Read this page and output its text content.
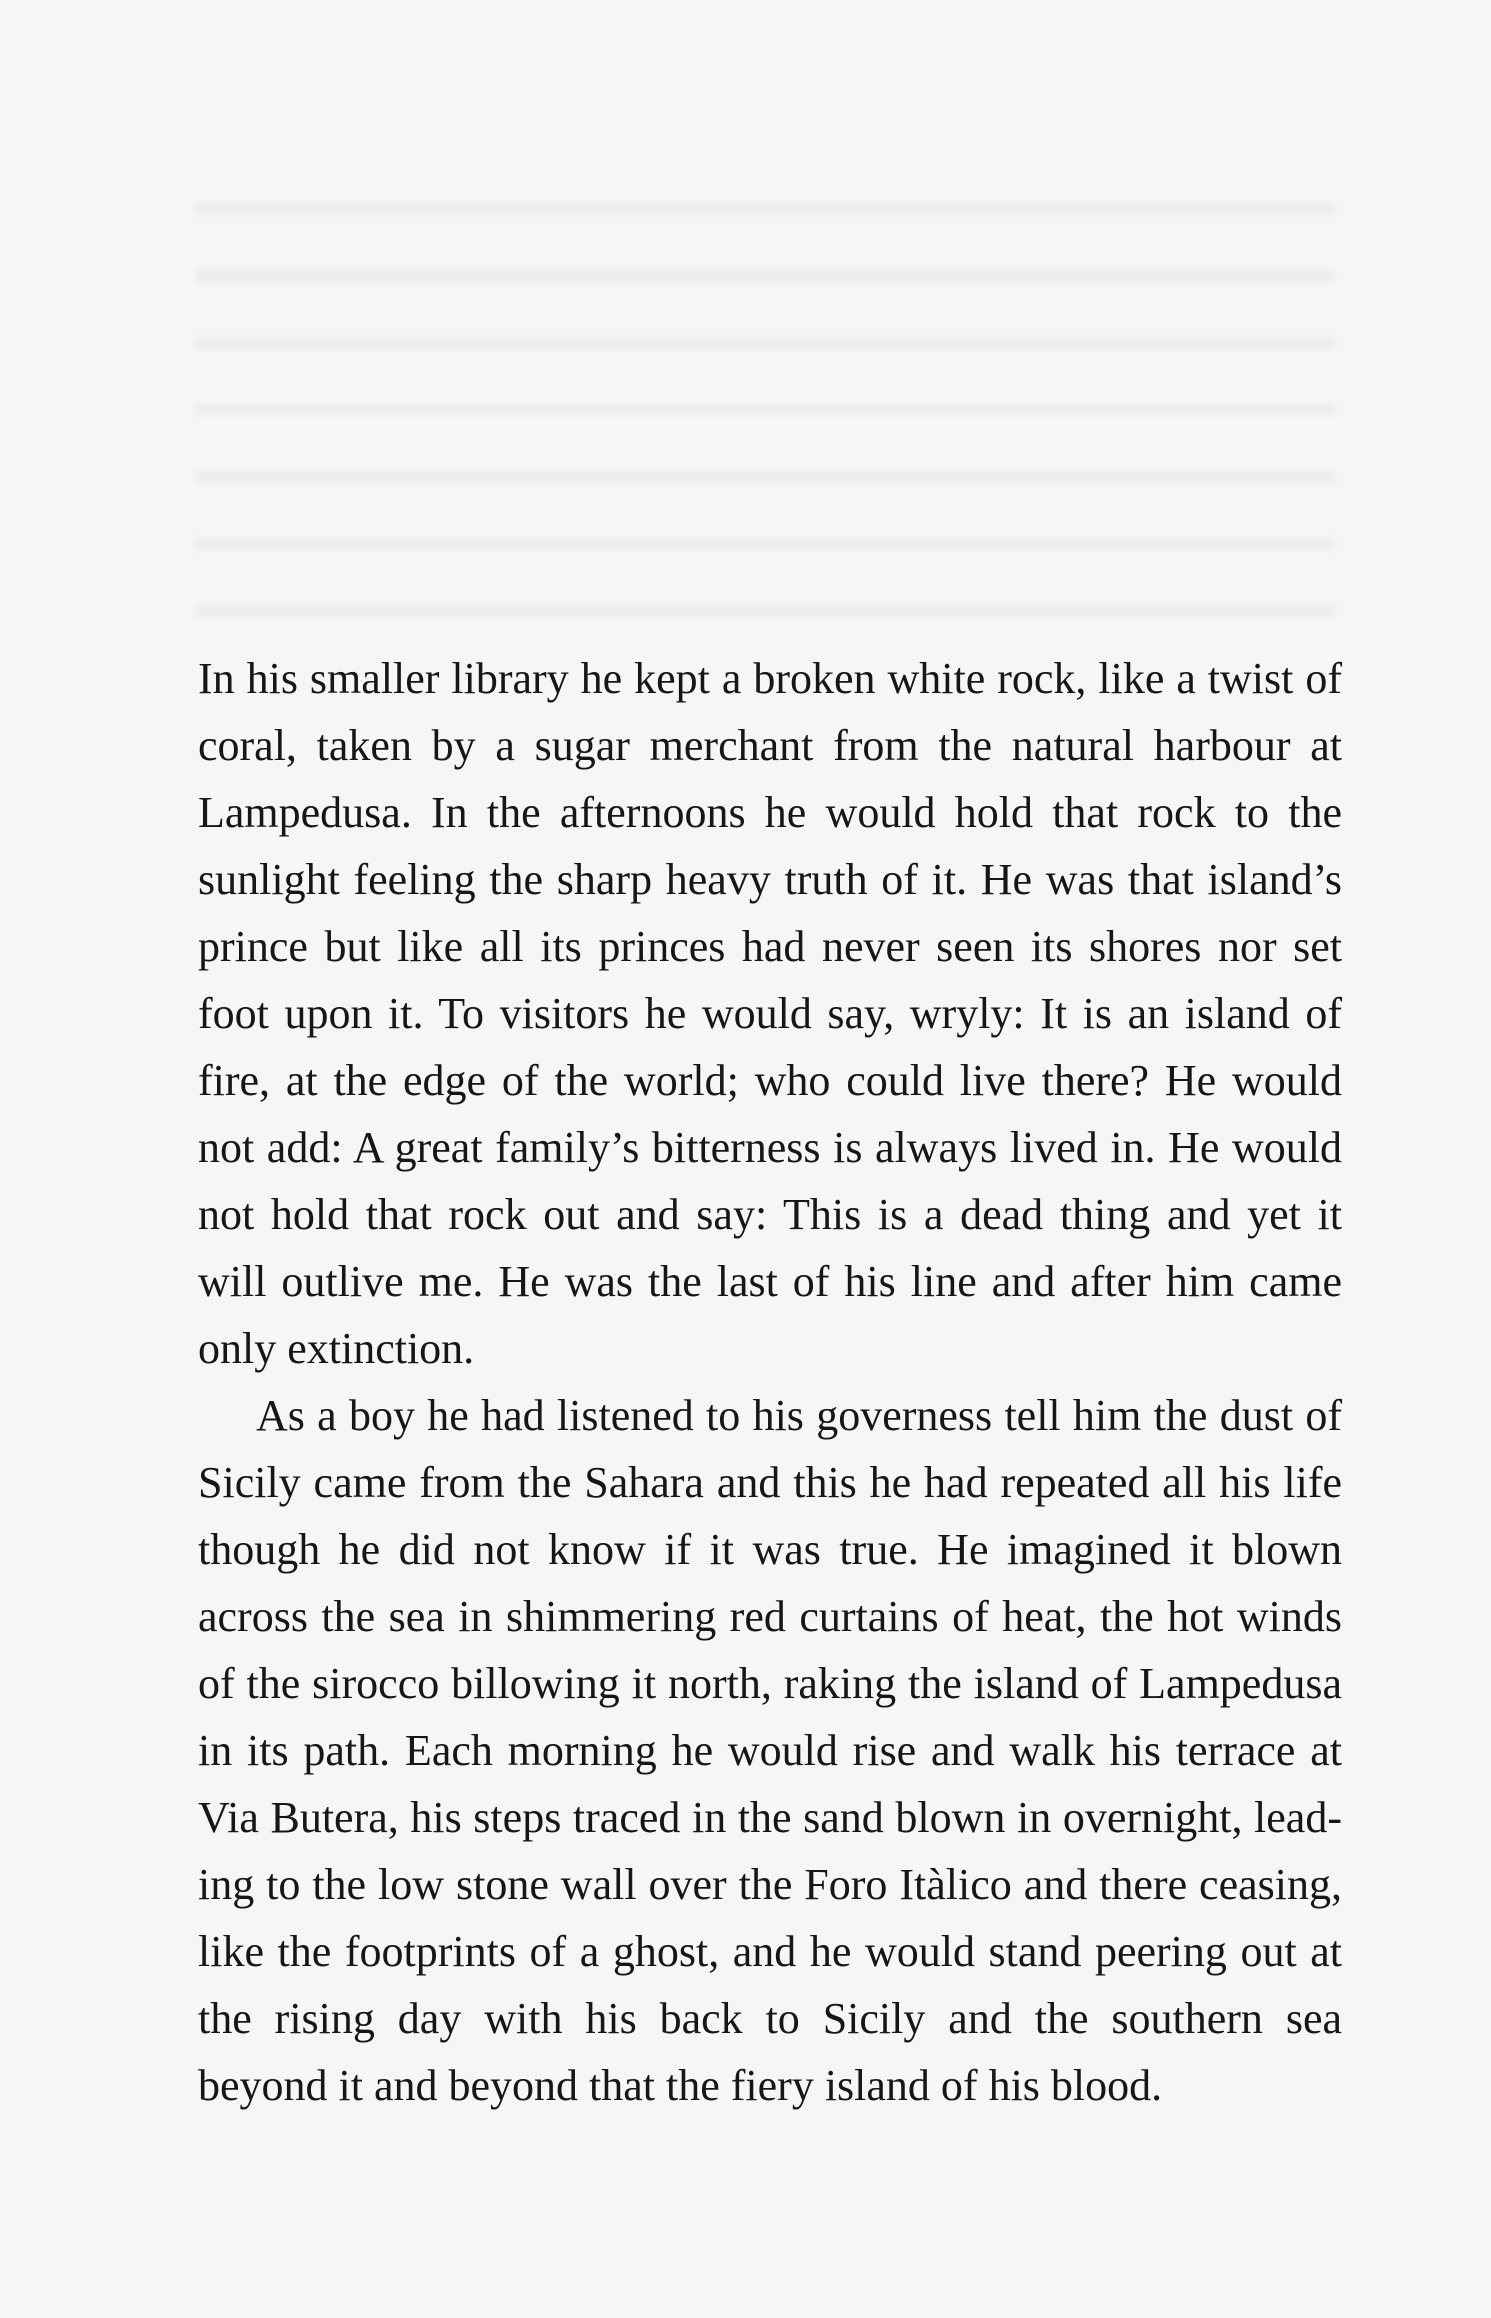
In his smaller library he kept a broken white rock, like a twist of coral, taken by a sugar merchant from the natural harbour at Lampedusa. In the afternoons he would hold that rock to the sunlight feeling the sharp heavy truth of it. He was that island’s prince but like all its princes had never seen its shores nor set foot upon it. To visitors he would say, wryly: It is an island of fire, at the edge of the world; who could live there? He would not add: A great family’s bitterness is always lived in. He would not hold that rock out and say: This is a dead thing and yet it will outlive me. He was the last of his line and after him came only extinction.

As a boy he had listened to his governess tell him the dust of Sicily came from the Sahara and this he had repeated all his life though he did not know if it was true. He imagined it blown across the sea in shimmering red curtains of heat, the hot winds of the sirocco billowing it north, raking the island of Lampedusa in its path. Each morning he would rise and walk his terrace at Via Butera, his steps traced in the sand blown in overnight, leading to the low stone wall over the Foro Itàlico and there ceasing, like the footprints of a ghost, and he would stand peering out at the rising day with his back to Sicily and the southern sea beyond it and beyond that the fiery island of his blood.
